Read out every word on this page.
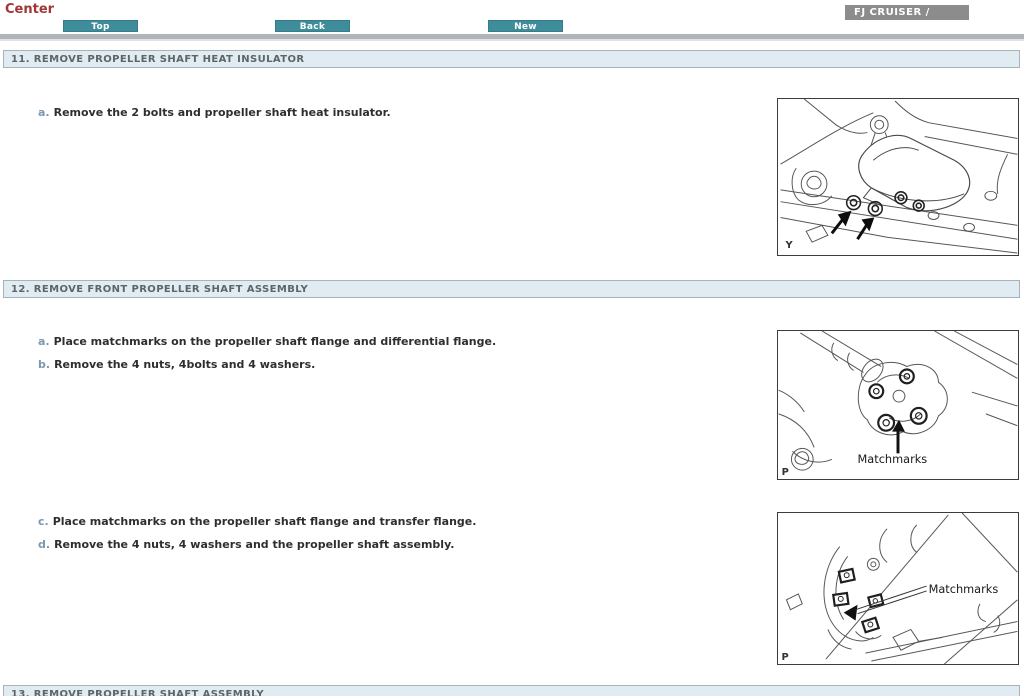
Center
Top	Back	New
FJ CRUISER /
11. REMOVE PROPELLER SHAFT HEAT INSULATOR
a. Remove the 2 bolts and propeller shaft heat insulator.
Y
12. REMOVE FRONT PROPELLER SHAFT ASSEMBLY
a. Place matchmarks on the propeller shaft flange and differential flange.
b. Remove the 4 nuts, 4bolts and 4 washers.
c. Place matchmarks on the propeller shaft flange and transfer flange.
d. Remove the 4 nuts, 4 washers and the propeller shaft assembly.
Matchmarks
P
Matchmarks
P
13. REMOVE PROPELLER SHAFT ASSEMBLY
